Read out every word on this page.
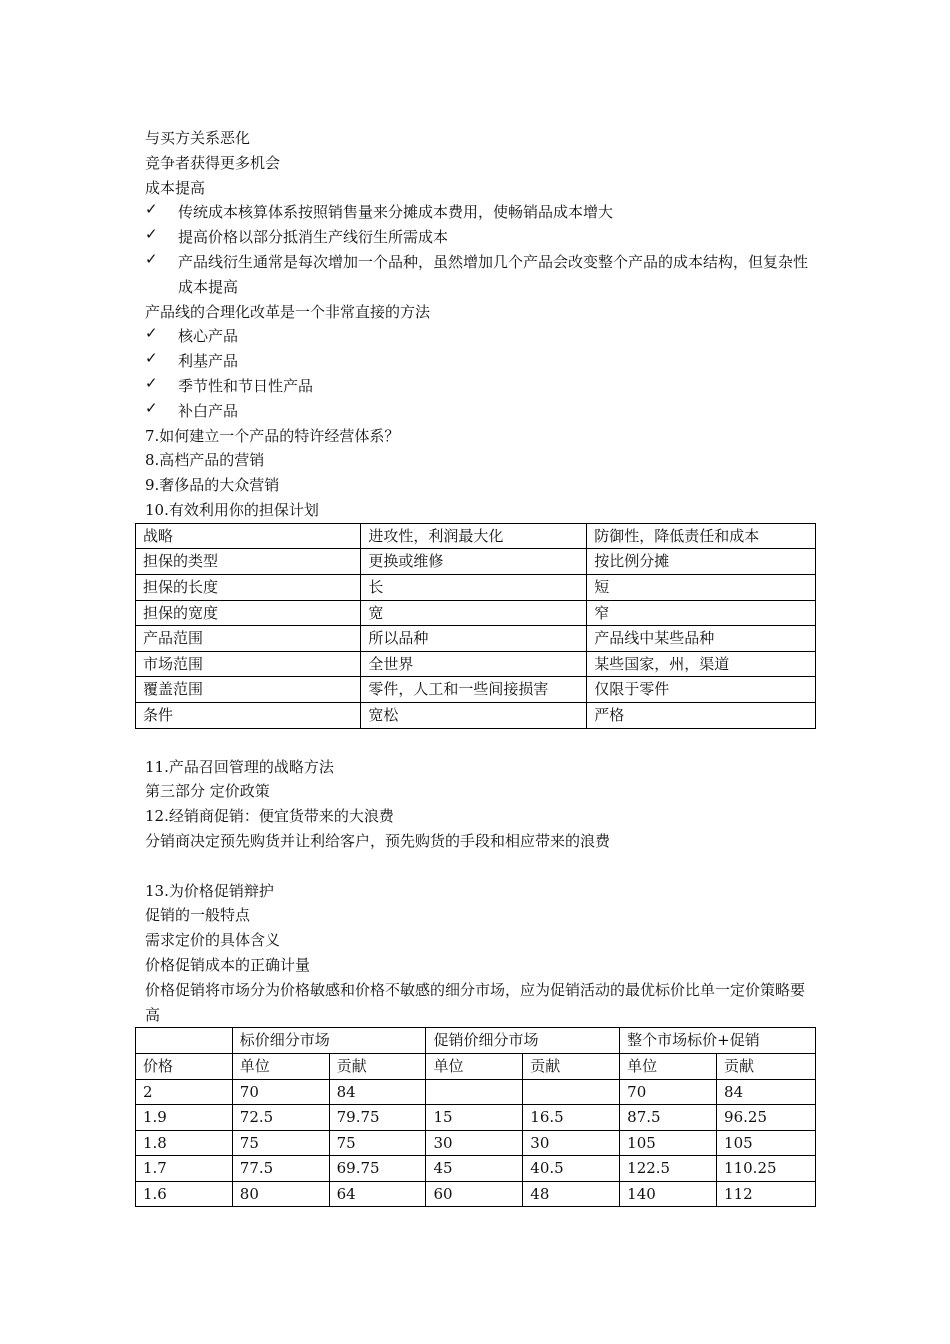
与买方关系恶化
竞争者获得更多机会
成本提高
✓ 传统成本核算体系按照销售量来分摊成本费用，使畅销品成本增大
✓ 提高价格以部分抵消生产线衍生所需成本
✓ 产品线衍生通常是每次增加一个品种，虽然增加几个产品会改变整个产品的成本结构，但复杂性成本提高
产品线的合理化改革是一个非常直接的方法
✓ 核心产品
✓ 利基产品
✓ 季节性和节日性产品
✓ 补白产品
7.如何建立一个产品的特许经营体系？
8.高档产品的营销
9.奢侈品的大众营销
10.有效利用你的担保计划
战略	进攻性，利润最大化	防御性，降低责任和成本
担保的类型	更换或维修	按比例分摊
担保的长度	长	短
担保的宽度	宽	窄
产品范围	所以品种	产品线中某些品种
市场范围	全世界	某些国家，州，渠道
覆盖范围	零件，人工和一些间接损害	仅限于零件
条件	宽松	严格
11.产品召回管理的战略方法
第三部分 定价政策
12.经销商促销：便宜货带来的大浪费
分销商决定预先购货并让利给客户，预先购货的手段和相应带来的浪费
13.为价格促销辩护
促销的一般特点
需求定价的具体含义
价格促销成本的正确计量
价格促销将市场分为价格敏感和价格不敏感的细分市场，应为促销活动的最优标价比单一定价策略要高
	标价细分市场		促销价细分市场		整个市场标价+促销	
价格	单位	贡献	单位	贡献	单位	贡献
2	70	84			70	84
1.9	72.5	79.75	15	16.5	87.5	96.25
1.8	75	75	30	30	105	105
1.7	77.5	69.75	45	40.5	122.5	110.25
1.6	80	64	60	48	140	112
